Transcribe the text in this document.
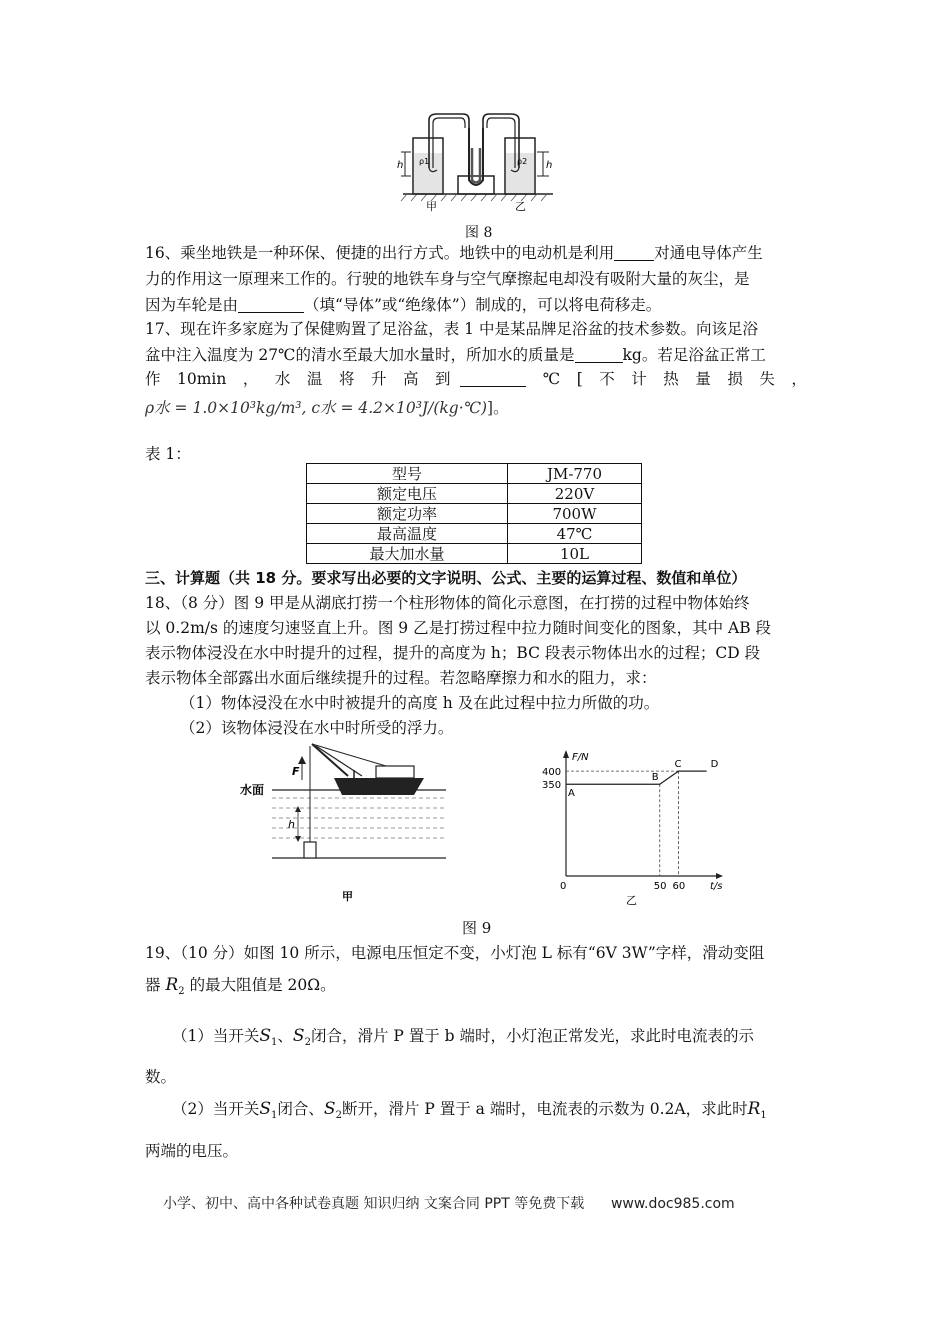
h	h
ρ1	ρ2
甲	乙
图 8
16、乘坐地铁是一种环保、便捷的出行方式。地铁中的电动机是利用	对通电导体产生
力的作用这一原理来工作的。行驶的地铁车身与空气摩擦起电却没有吸附大量的灰尘，是
因为车轮是由	（填“导体”或“绝缘体”）制成的，可以将电荷移走。
17、现在许多家庭为了保健购置了足浴盆，表 1 中是某品牌足浴盆的技术参数。向该足浴
盆中注入温度为 27℃的清水至最大加水量时，所加水的质量是	kg。若足浴盆正常工
作 10min ， 水 温 将 升 高 到	℃ [ 不 计 热 量 损 失 ，
ρ水 = 1.0×10³kg/m³, c水 = 4.2×10³J/(kg·℃)]。
表 1：
型号	JM-770
额定电压	220V
额定功率	700W
最高温度	47℃
最大加水量	10L
三、计算题（共 18 分。要求写出必要的文字说明、公式、主要的运算过程、数值和单位）
18、（8 分）图 9 甲是从湖底打捞一个柱形物体的简化示意图，在打捞的过程中物体始终
以 0.2m/s 的速度匀速竖直上升。图 9 乙是打捞过程中拉力随时间变化的图象，其中 AB 段
表示物体浸没在水中时提升的过程，提升的高度为 h；BC 段表示物体出水的过程；CD 段
表示物体全部露出水面后继续提升的过程。若忽略摩擦力和水的阻力，求：
（1）物体浸没在水中时被提升的高度 h 及在此过程中拉力所做的功。
（2）该物体浸没在水中时所受的浮力。
水面
F
h
甲
F/N
t/s
350
400
0	50 60
A
B
C	D
乙
图 9
19、（10 分）如图 10 所示，电源电压恒定不变，小灯泡 L 标有“6V 3W”字样，滑动变阻
器 $R_2$ 的最大阻值是 20Ω。
（1）当开关$S_1$、$S_2$闭合，滑片 P 置于 b 端时，小灯泡正常发光，求此时电流表的示
数。
（2）当开关$S_1$闭合、$S_2$断开，滑片 P 置于 a 端时，电流表的示数为 0.2A，求此时$R_1$
两端的电压。
小学、初中、高中各种试卷真题 知识归纳 文案合同 PPT 等免费下载 www.doc985.com
